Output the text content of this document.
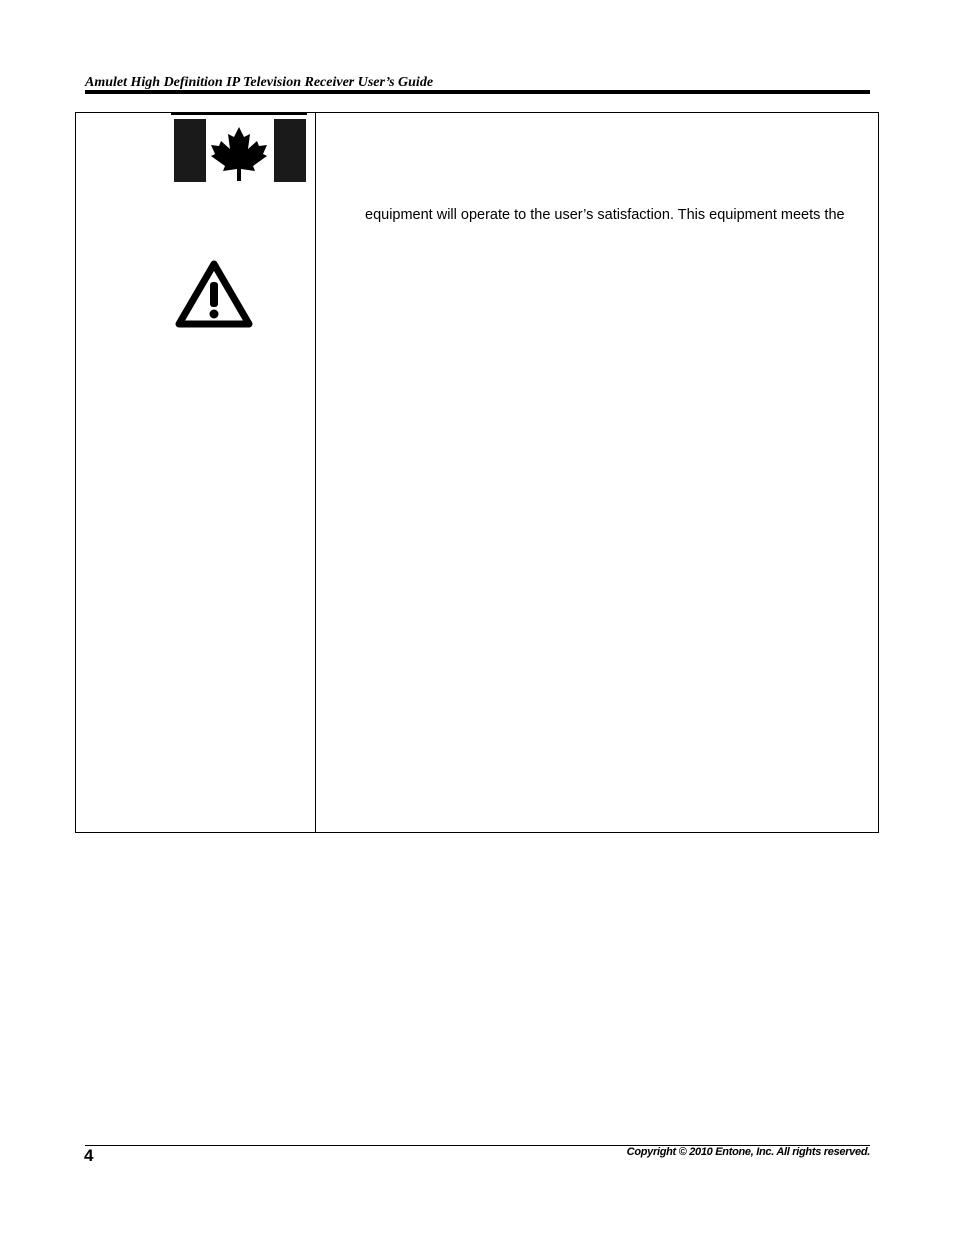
Amulet High Definition IP Television Receiver User’s Guide
equipment will operate to the user’s satisfaction. This equipment meets the
4	Copyright © 2010 Entone, Inc. All rights reserved.
